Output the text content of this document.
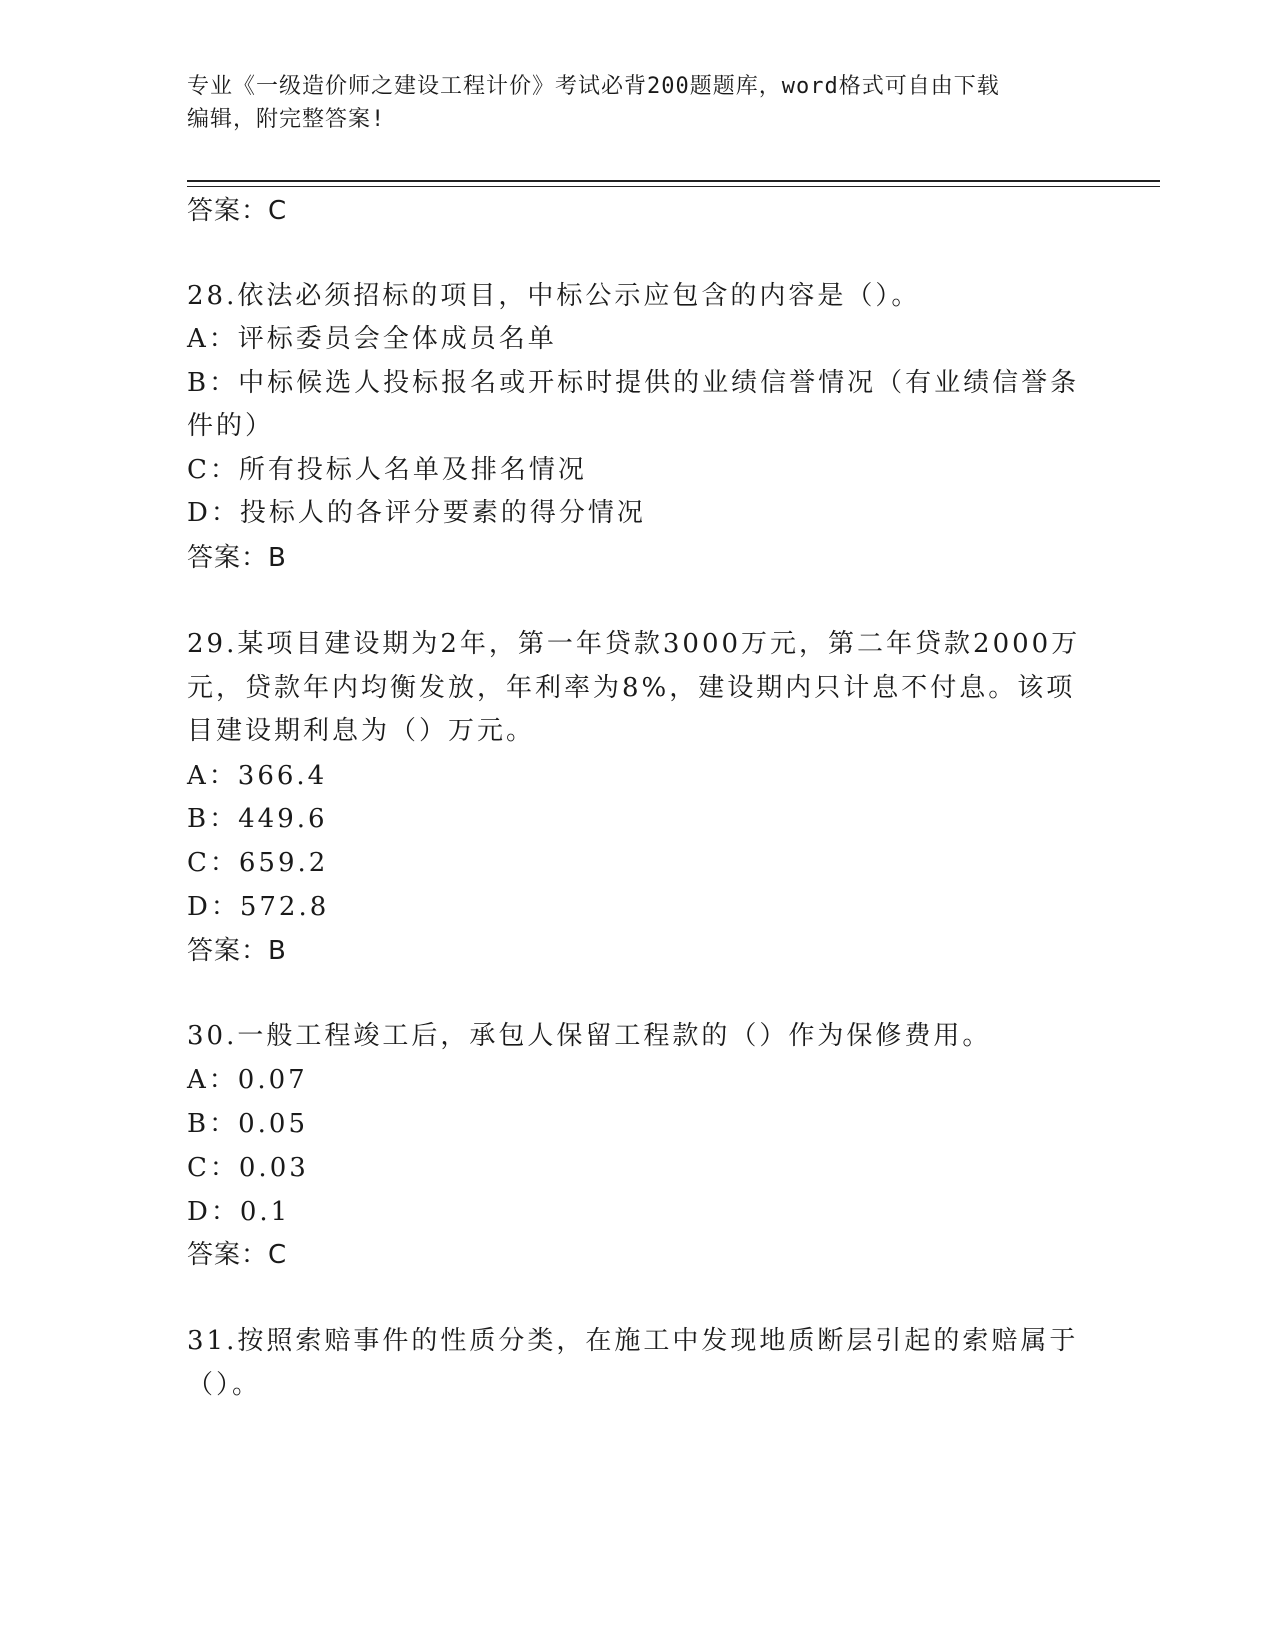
专业《一级造价师之建设工程计价》考试必背200题题库，word格式可自由下载
编辑，附完整答案!
答案：C
28.依法必须招标的项目，中标公示应包含的内容是（）。
A：评标委员会全体成员名单
B：中标候选人投标报名或开标时提供的业绩信誉情况（有业绩信誉条
件的）
C：所有投标人名单及排名情况
D：投标人的各评分要素的得分情况
答案：B
29.某项目建设期为2年，第一年贷款3000万元，第二年贷款2000万
元，贷款年内均衡发放，年利率为8%，建设期内只计息不付息。该项
目建设期利息为（）万元。
A：366.4
B：449.6
C：659.2
D：572.8
答案：B
30.一般工程竣工后，承包人保留工程款的（）作为保修费用。
A：0.07
B：0.05
C：0.03
D：0.1
答案：C
31.按照索赔事件的性质分类，在施工中发现地质断层引起的索赔属于
（）。
